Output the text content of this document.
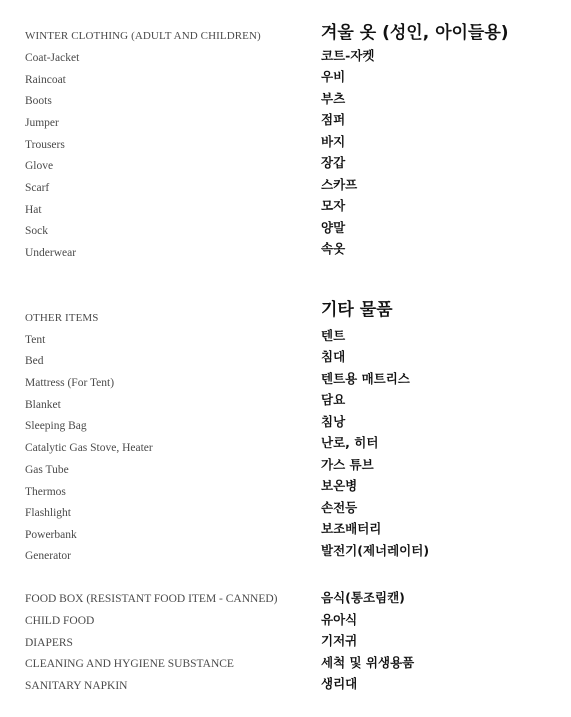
WINTER CLOTHING (ADULT AND CHILDREN)	겨울 옷 (성인, 아이들용)
Coat-Jacket	코트-자켓
Raincoat	우비
Boots	부츠
Jumper	점퍼
Trousers	바지
Glove	장갑
Scarf	스카프
Hat	모자
Sock	양말
Underwear	속옷
OTHER ITEMS	기타 물품
Tent	텐트
Bed	침대
Mattress (For Tent)	텐트용 매트리스
Blanket	담요
Sleeping Bag	침낭
Catalytic Gas Stove, Heater	난로, 히터
Gas Tube	가스 튜브
Thermos	보온병
Flashlight	손전등
Powerbank	보조배터리
Generator	발전기(제너레이터)
FOOD BOX (RESISTANT FOOD ITEM - CANNED)	음식(통조림캔)
CHILD FOOD	유아식
DIAPERS	기저귀
CLEANING AND HYGIENE SUBSTANCE	세척 및 위생용품
SANITARY NAPKIN	생리대
